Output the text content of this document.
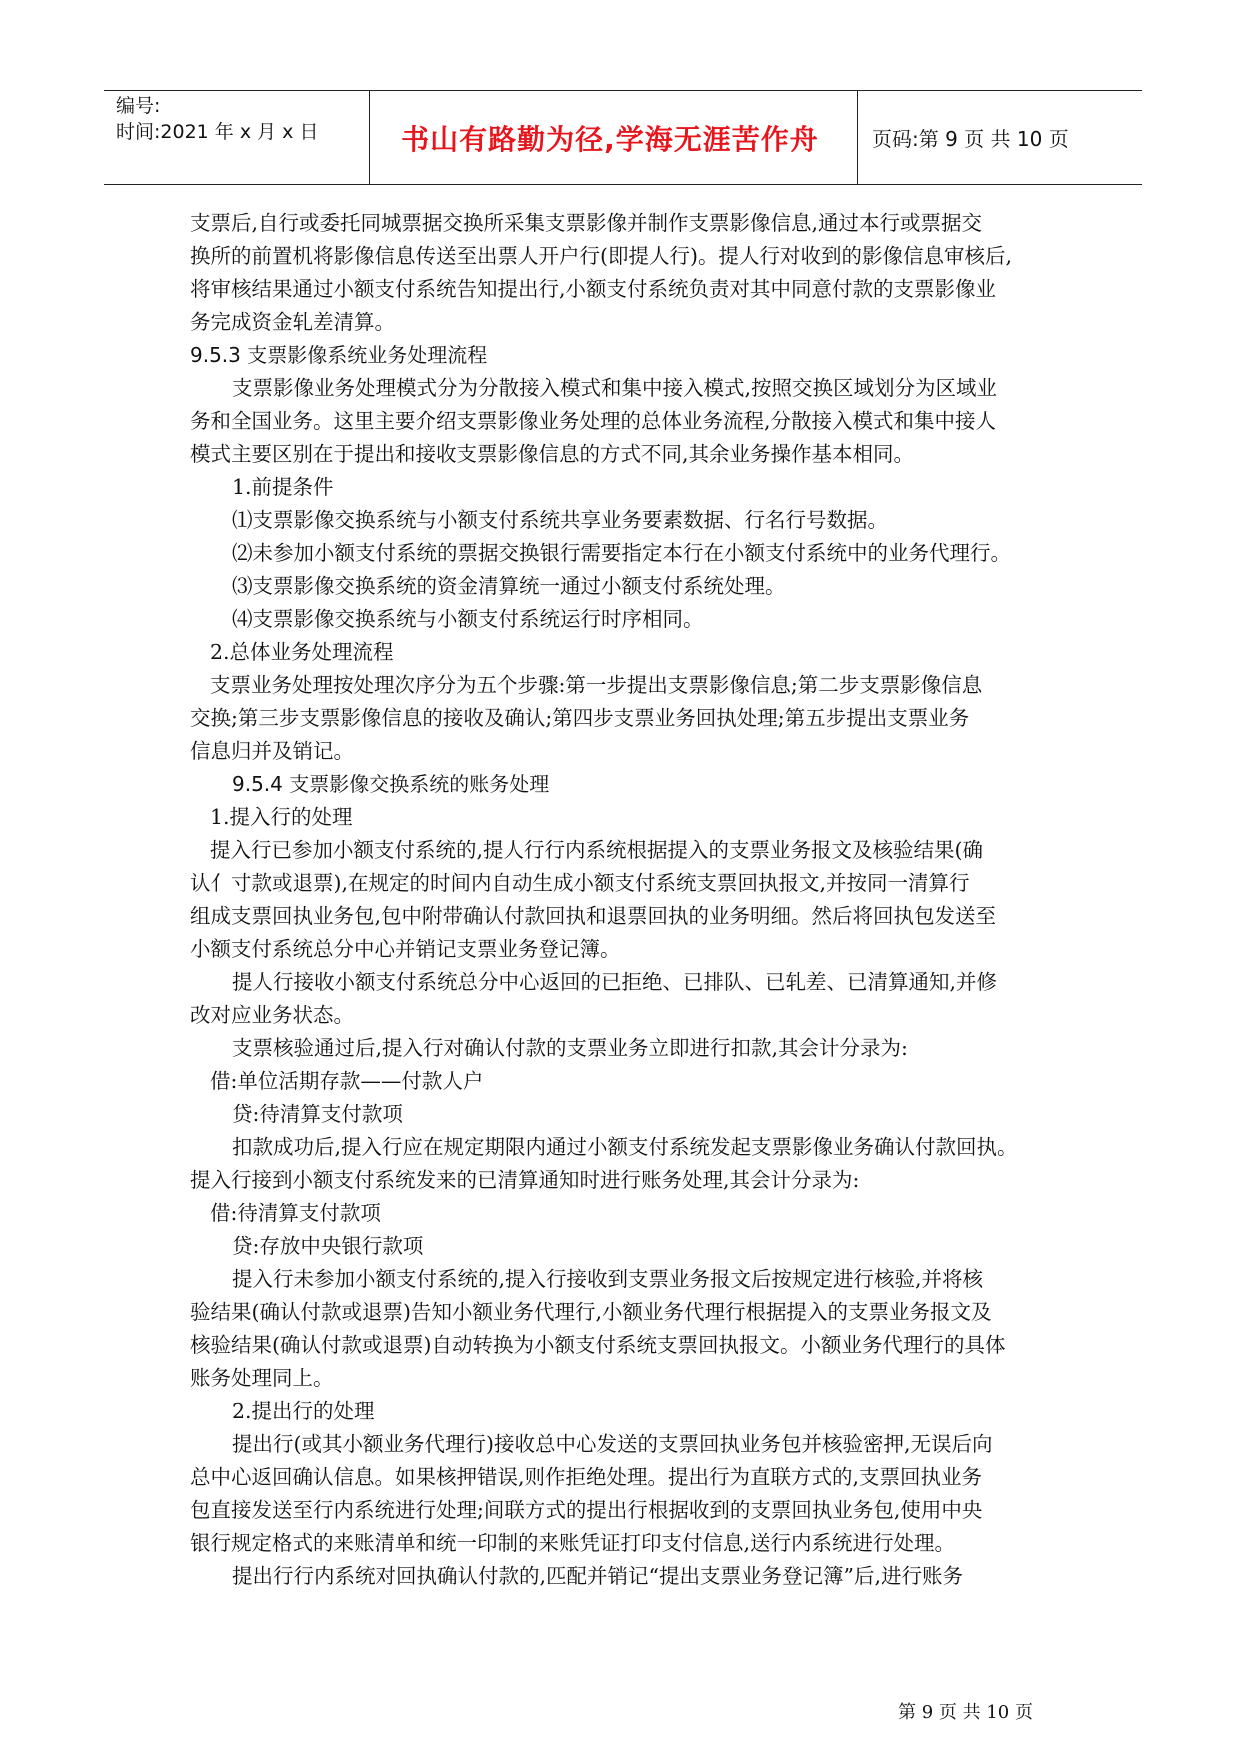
编号:
时间:2021 年 x 月 x 日	书山有路勤为径,学海无涯苦作舟	页码:第 9 页 共 10 页

支票后,自行或委托同城票据交换所采集支票影像并制作支票影像信息,通过本行或票据交

换所的前置机将影像信息传送至出票人开户行(即提人行)。提人行对收到的影像信息审核后,

将审核结果通过小额支付系统告知提出行,小额支付系统负责对其中同意付款的支票影像业

务完成资金轧差清算。

9.5.3 支票影像系统业务处理流程

支票影像业务处理模式分为分散接入模式和集中接入模式,按照交换区域划分为区域业

务和全国业务。这里主要介绍支票影像业务处理的总体业务流程,分散接入模式和集中接人

模式主要区别在于提出和接收支票影像信息的方式不同,其余业务操作基本相同。

1.前提条件

⑴支票影像交换系统与小额支付系统共享业务要素数据、行名行号数据。

⑵未参加小额支付系统的票据交换银行需要指定本行在小额支付系统中的业务代理行。

⑶支票影像交换系统的资金清算统一通过小额支付系统处理。

⑷支票影像交换系统与小额支付系统运行时序相同。

2.总体业务处理流程

支票业务处理按处理次序分为五个步骤:第一步提出支票影像信息;第二步支票影像信息

交换;第三步支票影像信息的接收及确认;第四步支票业务回执处理;第五步提出支票业务

信息归并及销记。

9.5.4 支票影像交换系统的账务处理

1.提入行的处理

提入行已参加小额支付系统的,提人行行内系统根据提入的支票业务报文及核验结果(确

认亻寸款或退票),在规定的时间内自动生成小额支付系统支票回执报文,并按同一清算行

组成支票回执业务包,包中附带确认付款回执和退票回执的业务明细。然后将回执包发送至

小额支付系统总分中心并销记支票业务登记簿。

提人行接收小额支付系统总分中心返回的已拒绝、已排队、已轧差、已清算通知,并修

改对应业务状态。

支票核验通过后,提入行对确认付款的支票业务立即进行扣款,其会计分录为:

借:单位活期存款——付款人户

贷:待清算支付款项

扣款成功后,提入行应在规定期限内通过小额支付系统发起支票影像业务确认付款回执。

提入行接到小额支付系统发来的已清算通知时进行账务处理,其会计分录为:

借:待清算支付款项

贷:存放中央银行款项

提入行未参加小额支付系统的,提入行接收到支票业务报文后按规定进行核验,并将核

验结果(确认付款或退票)告知小额业务代理行,小额业务代理行根据提入的支票业务报文及

核验结果(确认付款或退票)自动转换为小额支付系统支票回执报文。小额业务代理行的具体

账务处理同上。

2.提出行的处理

提出行(或其小额业务代理行)接收总中心发送的支票回执业务包并核验密押,无误后向

总中心返回确认信息。如果核押错误,则作拒绝处理。提出行为直联方式的,支票回执业务

包直接发送至行内系统进行处理;间联方式的提出行根据收到的支票回执业务包,使用中央

银行规定格式的来账清单和统一印制的来账凭证打印支付信息,送行内系统进行处理。

提出行行内系统对回执确认付款的,匹配并销记“提出支票业务登记簿”后,进行账务

第 9 页 共 10 页
